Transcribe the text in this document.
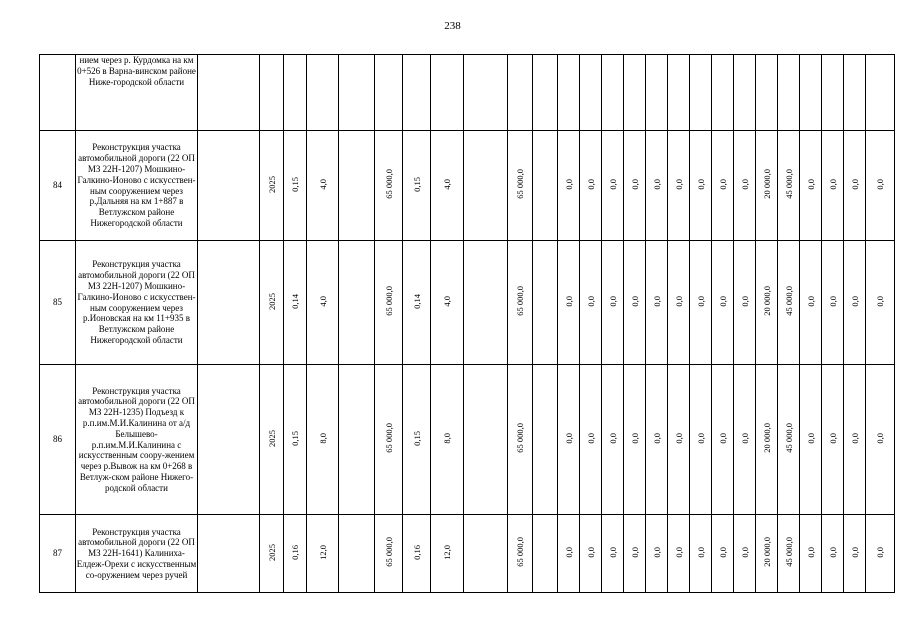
238
	нием через р. Курдомка на км 0+526 в Варна-винском районе Ниже-городской области																										
84	Реконструкция участка автомобильной дороги (22 ОП МЗ 22Н-1207) Мошкино-Галкино-Ионово с искусствен-ным сооружением через р.Дальняя на км 1+887 в Ветлужском районе Нижегородской области		2025	0,15	4,0		65 000,0	0,15	4,0		65 000,0		0,0	0,0	0,0	0,0	0,0	0,0	0,0	0,0	0,0	20 000,0	45 000,0	0,0	0,0	0,0	0,0
85	Реконструкция участка автомобильной дороги (22 ОП МЗ 22Н-1207) Мошкино-Галкино-Ионово с искусствен-ным сооружением через р.Ионовская на км 11+935 в Ветлужском районе Нижегородской области		2025	0,14	4,0		65 000,0	0,14	4,0		65 000,0		0,0	0,0	0,0	0,0	0,0	0,0	0,0	0,0	0,0	20 000,0	45 000,0	0,0	0,0	0,0	0,0
86	Реконструкция участка автомобильной дороги (22 ОП МЗ 22Н-1235) Подъезд к р.п.им.М.И.Калинина от а/д Белышево-р.п.им.М.И.Калинина с искусственным соору-жением через р.Вывож на км 0+268 в Ветлуж-ском районе Нижего-родской области		2025	0,15	8,0		65 000,0	0,15	8,0		65 000,0		0,0	0,0	0,0	0,0	0,0	0,0	0,0	0,0	0,0	20 000,0	45 000,0	0,0	0,0	0,0	0,0
87	Реконструкция участка автомобильной дороги (22 ОП МЗ 22Н-1641) Калиниха-Елдеж-Орехи с искусственным со-оружением через ручей		2025	0,16	12,0		65 000,0	0,16	12,0		65 000,0		0,0	0,0	0,0	0,0	0,0	0,0	0,0	0,0	0,0	20 000,0	45 000,0	0,0	0,0	0,0	0,0
